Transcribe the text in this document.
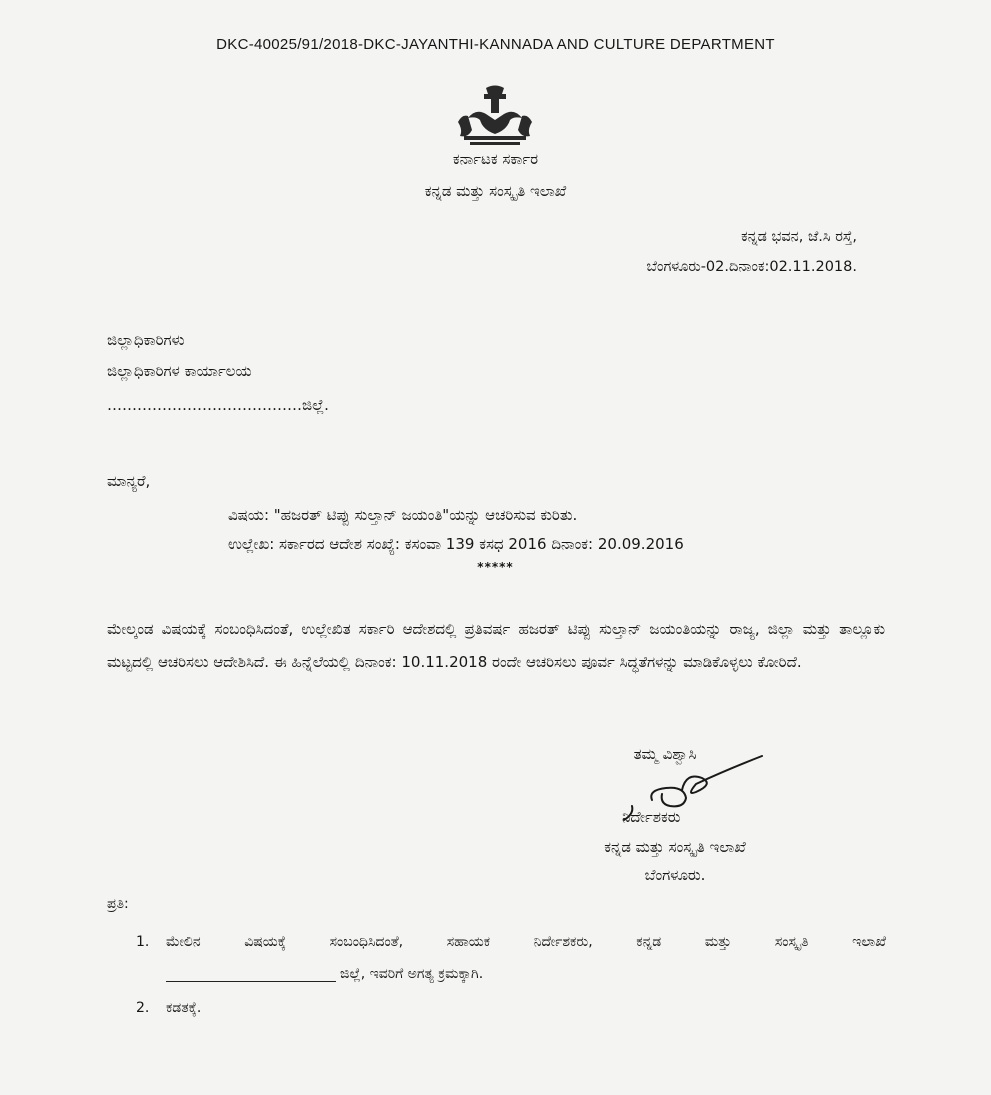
DKC-40025/91/2018-DKC-JAYANTHI-KANNADA AND CULTURE DEPARTMENT
ಕರ್ನಾಟಕ ಸರ್ಕಾರ
ಕನ್ನಡ ಮತ್ತು ಸಂಸ್ಕೃತಿ ಇಲಾಖೆ
ಕನ್ನಡ ಭವನ, ಜೆ.ಸಿ ರಸ್ತೆ,
ಬೆಂಗಳೂರು-02.ದಿನಾಂಕ:02.11.2018.
ಜಿಲ್ಲಾಧಿಕಾರಿಗಳು
ಜಿಲ್ಲಾಧಿಕಾರಿಗಳ ಕಾರ್ಯಾಲಯ
…………………………………ಜಿಲ್ಲೆ.
ಮಾನ್ಯರೆ,
ವಿಷಯ: "ಹಜರತ್ ಟಿಪ್ಪು ಸುಲ್ತಾನ್ ಜಯಂತಿ"ಯನ್ನು ಆಚರಿಸುವ ಕುರಿತು.
ಉಲ್ಲೇಖ: ಸರ್ಕಾರದ ಆದೇಶ ಸಂಖ್ಯೆ: ಕಸಂವಾ 139 ಕಸಧ 2016 ದಿನಾಂಕ: 20.09.2016
*****
ಮೇಲ್ಕಂಡ ವಿಷಯಕ್ಕೆ ಸಂಬಂಧಿಸಿದಂತೆ, ಉಲ್ಲೇಖಿತ ಸರ್ಕಾರಿ ಆದೇಶದಲ್ಲಿ ಪ್ರತಿವರ್ಷ ಹಜರತ್ ಟಿಪ್ಪು ಸುಲ್ತಾನ್ ಜಯಂತಿಯನ್ನು ರಾಜ್ಯ, ಜಿಲ್ಲಾ ಮತ್ತು ತಾಲ್ಲೂಕು ಮಟ್ಟದಲ್ಲಿ ಆಚರಿಸಲು ಆದೇಶಿಸಿದೆ. ಈ ಹಿನ್ನೆಲೆಯಲ್ಲಿ ದಿನಾಂಕ: 10.11.2018 ರಂದೇ ಆಚರಿಸಲು ಪೂರ್ವ ಸಿದ್ಧತೆಗಳನ್ನು ಮಾಡಿಕೊಳ್ಳಲು ಕೋರಿದೆ.
ತಮ್ಮ ವಿಶ್ವಾಸಿ
ನಿರ್ದೇಶಕರು
ಕನ್ನಡ ಮತ್ತು ಸಂಸ್ಕೃತಿ ಇಲಾಖೆ
ಬೆಂಗಳೂರು.
ಪ್ರತಿ:
1. ಮೇಲಿನ ವಿಷಯಕ್ಕೆ ಸಂಬಂಧಿಸಿದಂತೆ, ಸಹಾಯಕ ನಿರ್ದೇಶಕರು, ಕನ್ನಡ ಮತ್ತು ಸಂಸ್ಕೃತಿ ಇಲಾಖೆ
ಜಿಲ್ಲೆ, ಇವರಿಗೆ ಅಗತ್ಯ ಕ್ರಮಕ್ಕಾಗಿ.
2. ಕಡತಕ್ಕೆ.
